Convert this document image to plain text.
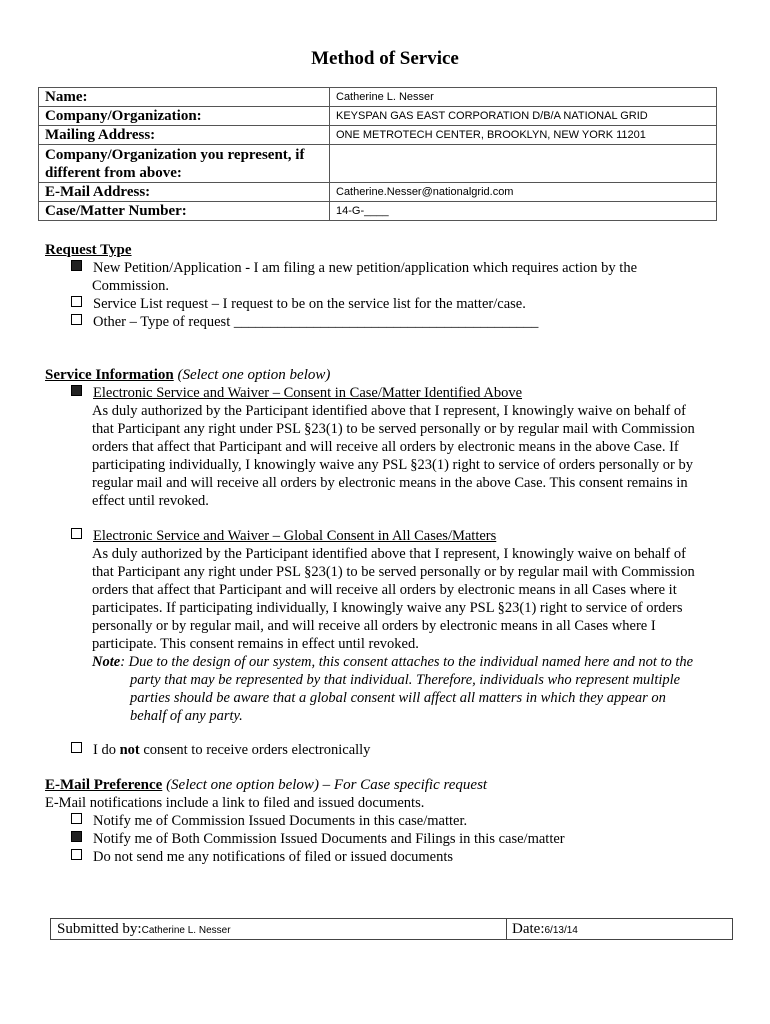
Method of Service
Name:	Catherine L. Nesser
Company/Organization:	KEYSPAN GAS EAST CORPORATION D/B/A NATIONAL GRID
Mailing Address:	ONE METROTECH CENTER, BROOKLYN, NEW YORK 11201
Company/Organization you represent, if different from above:	
E-Mail Address:	Catherine.Nesser@nationalgrid.com
Case/Matter Number:	14-G-____
Request Type
New Petition/Application - I am filing a new petition/application which requires action by the
Commission.
Service List request – I request to be on the service list for the matter/case.
Other – Type of request __________________________________________
Service Information (Select one option below)
Electronic Service and Waiver – Consent in Case/Matter Identified Above
As duly authorized by the Participant identified above that I represent, I knowingly waive on behalf of
that Participant any right under PSL §23(1) to be served personally or by regular mail with Commission
orders that affect that Participant and will receive all orders by electronic means in the above Case. If
participating individually, I knowingly waive any PSL §23(1) right to service of orders personally or by
regular mail and will receive all orders by electronic means in the above Case. This consent remains in
effect until revoked.
Electronic Service and Waiver – Global Consent in All Cases/Matters
As duly authorized by the Participant identified above that I represent, I knowingly waive on behalf of
that Participant any right under PSL §23(1) to be served personally or by regular mail with Commission
orders that affect that Participant and will receive all orders by electronic means in all Cases where it
participates. If participating individually, I knowingly waive any PSL §23(1) right to service of orders
personally or by regular mail, and will receive all orders by electronic means in all Cases where I
participate. This consent remains in effect until revoked.
Note: Due to the design of our system, this consent attaches to the individual named here and not to the
party that may be represented by that individual. Therefore, individuals who represent multiple
parties should be aware that a global consent will affect all matters in which they appear on
behalf of any party.
I do not consent to receive orders electronically
E-Mail Preference (Select one option below) – For Case specific request
E-Mail notifications include a link to filed and issued documents.
Notify me of Commission Issued Documents in this case/matter.
Notify me of Both Commission Issued Documents and Filings in this case/matter
Do not send me any notifications of filed or issued documents
Submitted by:Catherine L. Nesser	Date:6/13/14
